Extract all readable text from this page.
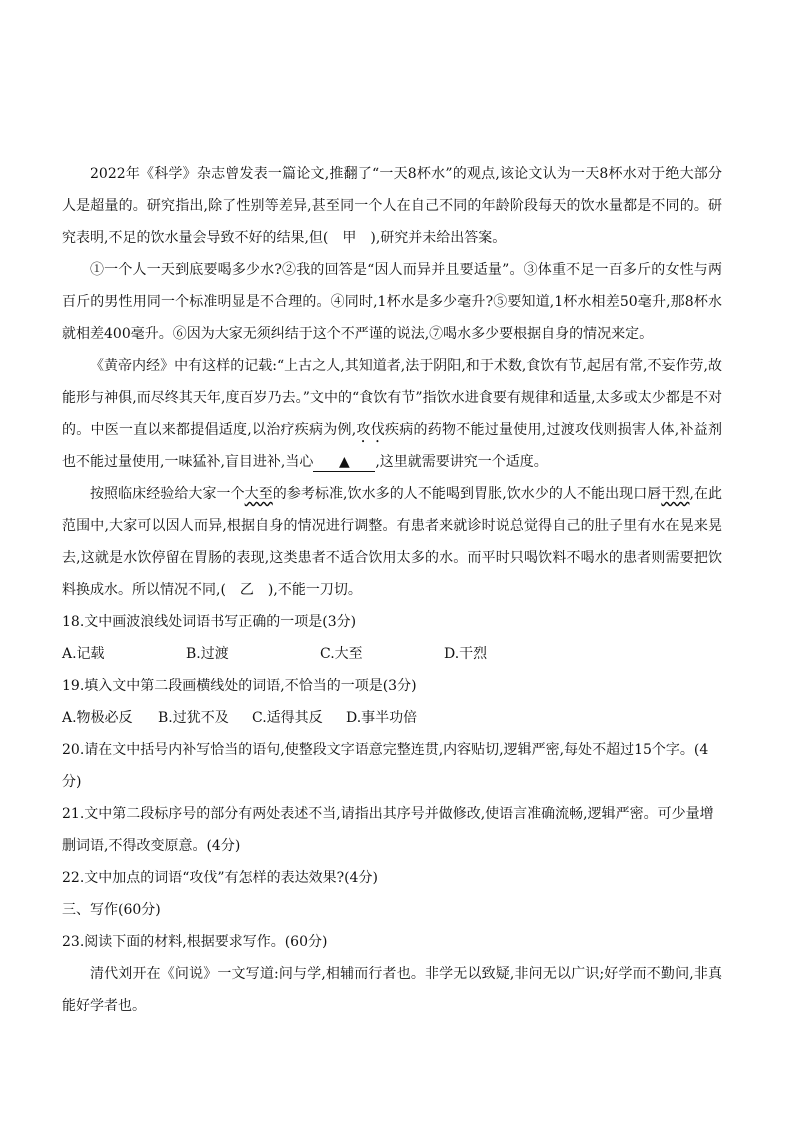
2022年《科学》杂志曾发表一篇论文,推翻了“一天8杯水”的观点,该论文认为一天8杯水对于绝大部分人是超量的。研究指出,除了性别等差异,甚至同一个人在自己不同的年龄阶段每天的饮水量都是不同的。研究表明,不足的饮水量会导致不好的结果,但(　甲　),研究并未给出答案。

①一个人一天到底要喝多少水?②我的回答是“因人而异并且要适量”。③体重不足一百多斤的女性与两百斤的男性用同一个标准明显是不合理的。④同时,1杯水是多少毫升?⑤要知道,1杯水相差50毫升,那8杯水就相差400毫升。⑥因为大家无须纠结于这个不严谨的说法,⑦喝水多少要根据自身的情况来定。

《黄帝内经》中有这样的记载:“上古之人,其知道者,法于阴阳,和于术数,食饮有节,起居有常,不妄作劳,故能形与神俱,而尽终其天年,度百岁乃去。”文中的“食饮有节”指饮水进食要有规律和适量,太多或太少都是不对的。中医一直以来都提倡适度,以治疗疾病为例,攻伐疾病的药物不能过量使用,过渡攻伐则损害人体,补益剂也不能过量使用,一味猛补,盲目进补,当心 ▲ ,这里就需要讲究一个适度。

按照临床经验给大家一个大至的参考标准,饮水多的人不能喝到胃胀,饮水少的人不能出现口唇干烈,在此范围中,大家可以因人而异,根据自身的情况进行调整。有患者来就诊时说总觉得自己的肚子里有水在晃来晃去,这就是水饮停留在胃肠的表现,这类患者不适合饮用太多的水。而平时只喝饮料不喝水的患者则需要把饮料换成水。所以情况不同,(　乙　),不能一刀切。

18.文中画波浪线处词语书写正确的一项是(3分)

A.记载	B.过渡	C.大至	D.干烈

19.填入文中第二段画横线处的词语,不恰当的一项是(3分)

A.物极必反	B.过犹不及	C.适得其反	D.事半功倍

20.请在文中括号内补写恰当的语句,使整段文字语意完整连贯,内容贴切,逻辑严密,每处不超过15个字。(4分)

21.文中第二段标序号的部分有两处表述不当,请指出其序号并做修改,使语言准确流畅,逻辑严密。可少量增删词语,不得改变原意。(4分)

22.文中加点的词语“攻伐”有怎样的表达效果?(4分)

三、写作(60分)

23.阅读下面的材料,根据要求写作。(60分)

清代刘开在《问说》一文写道:问与学,相辅而行者也。非学无以致疑,非问无以广识;好学而不勤问,非真能好学者也。
